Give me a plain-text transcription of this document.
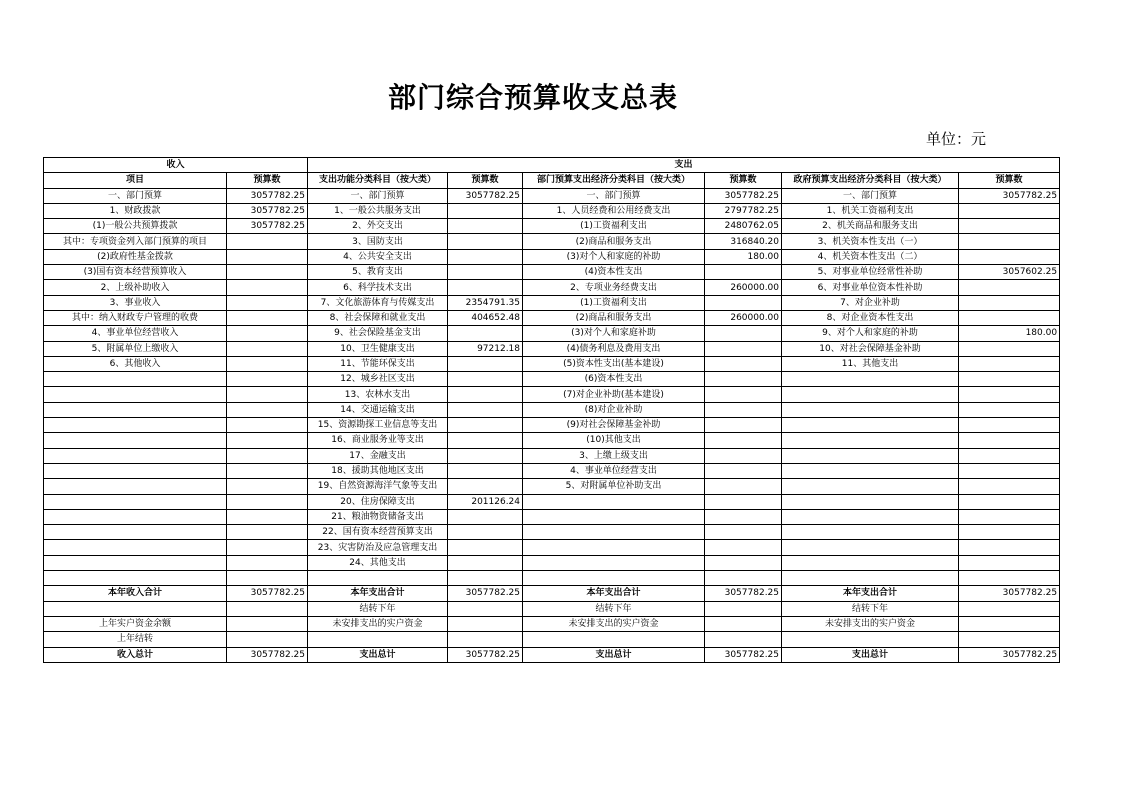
部门综合预算收支总表
单位：元
收入		支出					
项目	预算数	支出功能分类科目（按大类）	预算数	部门预算支出经济分类科目（按大类）	预算数	政府预算支出经济分类科目（按大类）	预算数
一、部门预算	3057782.25	一、部门预算	3057782.25	一、部门预算	3057782.25	一、部门预算	3057782.25
1、财政拨款	3057782.25	1、一般公共服务支出		1、人员经费和公用经费支出	2797782.25	1、机关工资福利支出	
(1)一般公共预算拨款	3057782.25	2、外交支出		(1)工资福利支出	2480762.05	2、机关商品和服务支出	
其中：专项资金列入部门预算的项目		3、国防支出		(2)商品和服务支出	316840.20	3、机关资本性支出（一）	
(2)政府性基金拨款		4、公共安全支出		(3)对个人和家庭的补助	180.00	4、机关资本性支出（二）	
(3)国有资本经营预算收入		5、教育支出		(4)资本性支出		5、对事业单位经常性补助	3057602.25
2、上级补助收入		6、科学技术支出		2、专项业务经费支出	260000.00	6、对事业单位资本性补助	
3、事业收入		7、文化旅游体育与传媒支出	2354791.35	(1)工资福利支出		7、对企业补助	
其中：纳入财政专户管理的收费		8、社会保障和就业支出	404652.48	(2)商品和服务支出	260000.00	8、对企业资本性支出	
4、事业单位经营收入		9、社会保险基金支出		(3)对个人和家庭补助		9、对个人和家庭的补助	180.00
5、附属单位上缴收入		10、卫生健康支出	97212.18	(4)债务利息及费用支出		10、对社会保障基金补助	
6、其他收入		11、节能环保支出		(5)资本性支出(基本建设)		11、其他支出	
		12、城乡社区支出		(6)资本性支出			
		13、农林水支出		(7)对企业补助(基本建设)			
		14、交通运输支出		(8)对企业补助			
		15、资源勘探工业信息等支出		(9)对社会保障基金补助			
		16、商业服务业等支出		(10)其他支出			
		17、金融支出		3、上缴上级支出			
		18、援助其他地区支出		4、事业单位经营支出			
		19、自然资源海洋气象等支出		5、对附属单位补助支出			
		20、住房保障支出	201126.24				
		21、粮油物资储备支出					
		22、国有资本经营预算支出					
		23、灾害防治及应急管理支出					
		24、其他支出					

本年收入合计	3057782.25	本年支出合计	3057782.25	本年支出合计	3057782.25	本年支出合计	3057782.25
		结转下年		结转下年		结转下年	
上年实户资金余额		未安排支出的实户资金		未安排支出的实户资金		未安排支出的实户资金	
上年结转							
收入总计	3057782.25	支出总计	3057782.25	支出总计	3057782.25	支出总计	3057782.25
